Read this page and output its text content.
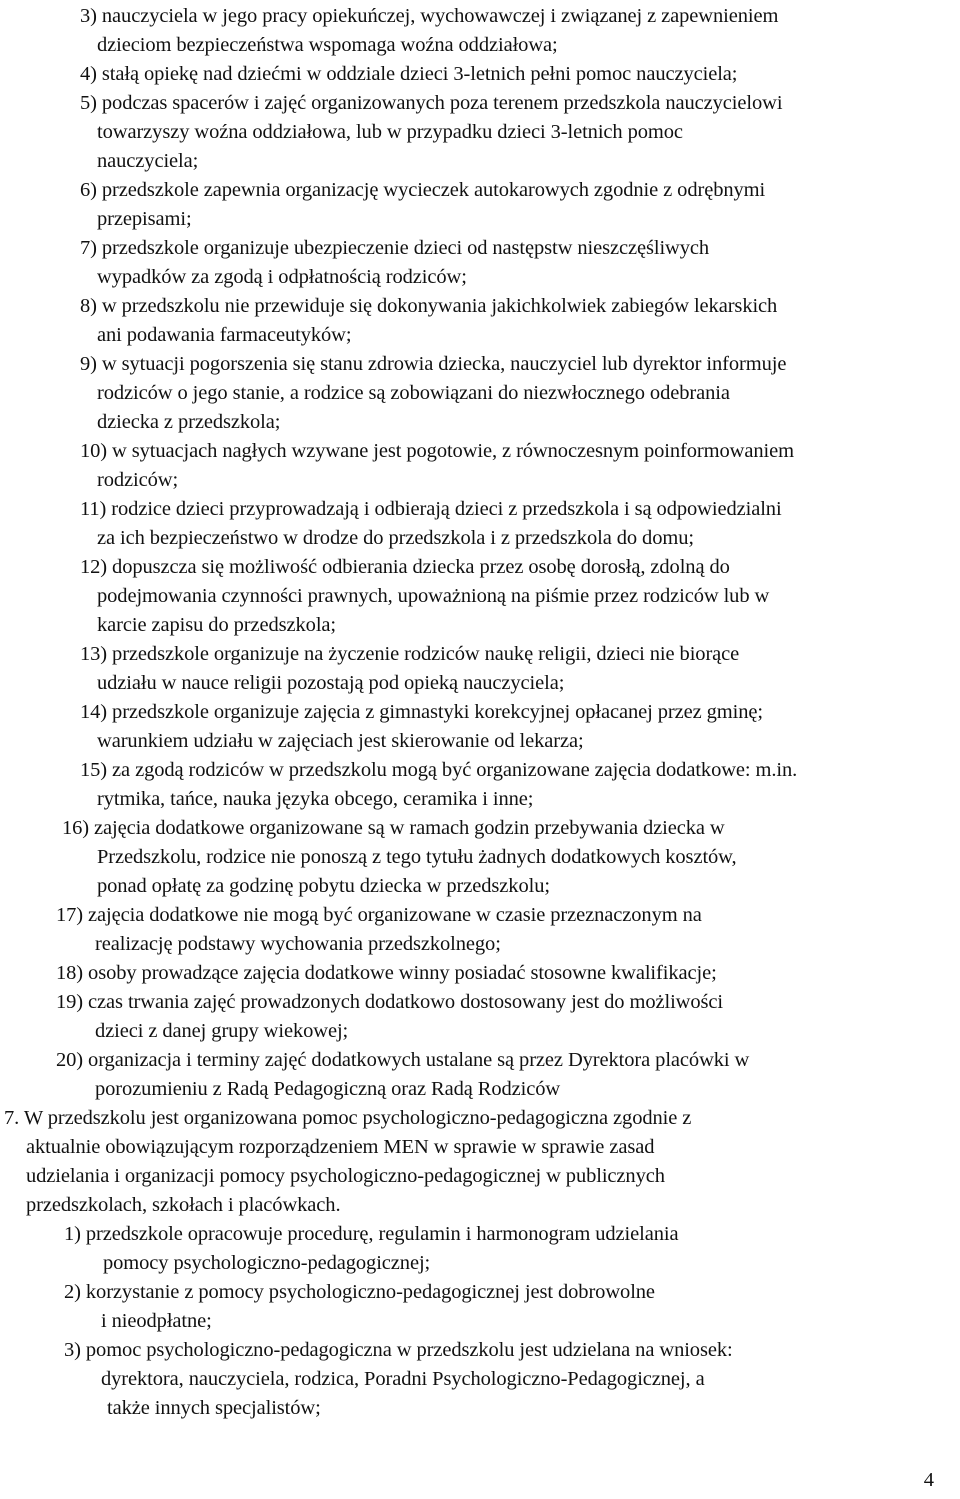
3) nauczyciela w jego pracy opiekuńczej, wychowawczej i związanej z zapewnieniem
dzieciom bezpieczeństwa wspomaga woźna oddziałowa;
4) stałą opiekę nad dziećmi w oddziale dzieci 3-letnich pełni pomoc nauczyciela;
5) podczas spacerów i zajęć organizowanych poza terenem przedszkola nauczycielowi
towarzyszy woźna oddziałowa, lub w przypadku dzieci 3-letnich pomoc
nauczyciela;
6) przedszkole zapewnia organizację wycieczek autokarowych zgodnie z odrębnymi
przepisami;
7) przedszkole organizuje ubezpieczenie dzieci od następstw nieszczęśliwych
wypadków za zgodą i odpłatnością rodziców;
8) w przedszkolu nie przewiduje się dokonywania jakichkolwiek zabiegów lekarskich
ani podawania farmaceutyków;
9) w sytuacji pogorszenia się stanu zdrowia dziecka, nauczyciel lub dyrektor informuje
rodziców o jego stanie, a rodzice są zobowiązani do niezwłocznego odebrania
dziecka z przedszkola;
10) w sytuacjach nagłych wzywane jest pogotowie, z równoczesnym poinformowaniem
rodziców;
11) rodzice dzieci przyprowadzają i odbierają dzieci z przedszkola i są odpowiedzialni
za ich bezpieczeństwo w drodze do przedszkola i z przedszkola do domu;
12) dopuszcza się możliwość odbierania dziecka przez osobę dorosłą, zdolną do
podejmowania czynności prawnych, upoważnioną na piśmie przez rodziców lub w
karcie zapisu do przedszkola;
13) przedszkole organizuje na życzenie rodziców naukę religii, dzieci nie biorące
udziału w nauce religii pozostają pod opieką nauczyciela;
14) przedszkole organizuje zajęcia z gimnastyki korekcyjnej opłacanej przez gminę;
warunkiem udziału w zajęciach jest skierowanie od lekarza;
15) za zgodą rodziców w przedszkolu mogą być organizowane zajęcia dodatkowe: m.in.
rytmika, tańce, nauka języka obcego, ceramika i inne;
16) zajęcia dodatkowe organizowane są w ramach godzin przebywania dziecka w
Przedszkolu, rodzice nie ponoszą z tego tytułu żadnych dodatkowych kosztów,
ponad opłatę za godzinę pobytu dziecka w przedszkolu;
17) zajęcia dodatkowe nie mogą być organizowane w czasie przeznaczonym na
realizację podstawy wychowania przedszkolnego;
18) osoby prowadzące zajęcia dodatkowe winny posiadać stosowne kwalifikacje;
19) czas trwania zajęć prowadzonych dodatkowo dostosowany jest do możliwości
dzieci z danej grupy wiekowej;
20) organizacja i terminy zajęć dodatkowych ustalane są przez Dyrektora placówki w
porozumieniu z Radą Pedagogiczną oraz Radą Rodziców
7. W przedszkolu jest organizowana pomoc psychologiczno-pedagogiczna zgodnie z
aktualnie obowiązującym rozporządzeniem MEN w sprawie w sprawie zasad
udzielania i organizacji pomocy psychologiczno-pedagogicznej w publicznych
przedszkolach, szkołach i placówkach.
1) przedszkole opracowuje procedurę, regulamin i harmonogram udzielania
pomocy psychologiczno-pedagogicznej;
2) korzystanie z pomocy psychologiczno-pedagogicznej jest dobrowolne
i nieodpłatne;
3) pomoc psychologiczno-pedagogiczna w przedszkolu jest udzielana na wniosek:
dyrektora, nauczyciela, rodzica, Poradni Psychologiczno-Pedagogicznej, a
także innych specjalistów;
4
